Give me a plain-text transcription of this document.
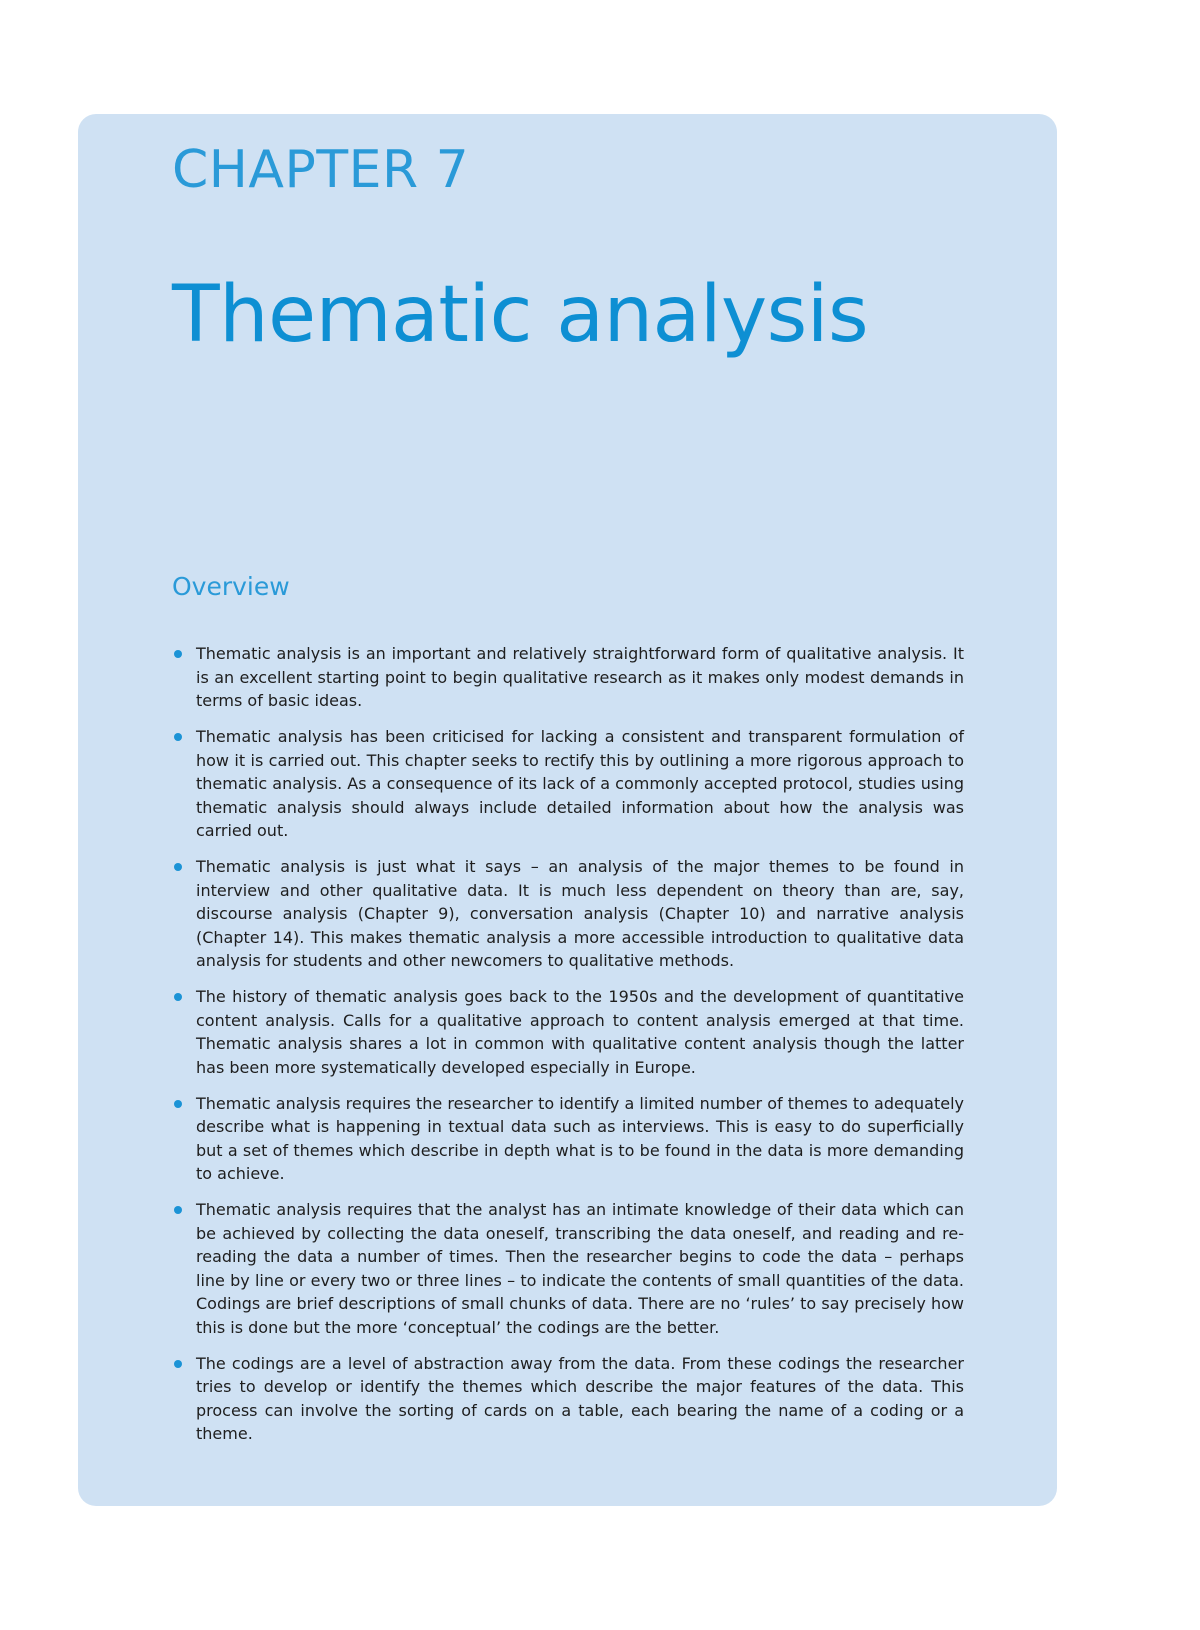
CHAPTER 7
Thematic analysis
Overview
Thematic analysis is an important and relatively straightforward form of qualitative analysis. It is an excellent starting point to begin qualitative research as it makes only modest demands in terms of basic ideas.
Thematic analysis has been criticised for lacking a consistent and transparent formulation of how it is carried out. This chapter seeks to rectify this by outlining a more rigorous approach to thematic analysis. As a consequence of its lack of a commonly accepted protocol, studies using thematic analysis should always include detailed information about how the analysis was carried out.
Thematic analysis is just what it says – an analysis of the major themes to be found in interview and other qualitative data. It is much less dependent on theory than are, say, discourse analysis (Chapter 9), conversation analysis (Chapter 10) and narrative analysis (Chapter 14). This makes thematic analysis a more accessible introduction to qualitative data analysis for students and other newcomers to qualitative methods.
The history of thematic analysis goes back to the 1950s and the development of quantitative content analysis. Calls for a qualitative approach to content analysis emerged at that time. Thematic analysis shares a lot in common with qualitative content analysis though the latter has been more systematically developed especially in Europe.
Thematic analysis requires the researcher to identify a limited number of themes to adequately describe what is happening in textual data such as interviews. This is easy to do superficially but a set of themes which describe in depth what is to be found in the data is more demanding to achieve.
Thematic analysis requires that the analyst has an intimate knowledge of their data which can be achieved by collecting the data oneself, transcribing the data oneself, and reading and re-reading the data a number of times. Then the researcher begins to code the data – perhaps line by line or every two or three lines – to indicate the contents of small quantities of the data. Codings are brief descriptions of small chunks of data. There are no ‘rules’ to say precisely how this is done but the more ‘conceptual’ the codings are the better.
The codings are a level of abstraction away from the data. From these codings the researcher tries to develop or identify the themes which describe the major features of the data. This process can involve the sorting of cards on a table, each bearing the name of a coding or a theme.
